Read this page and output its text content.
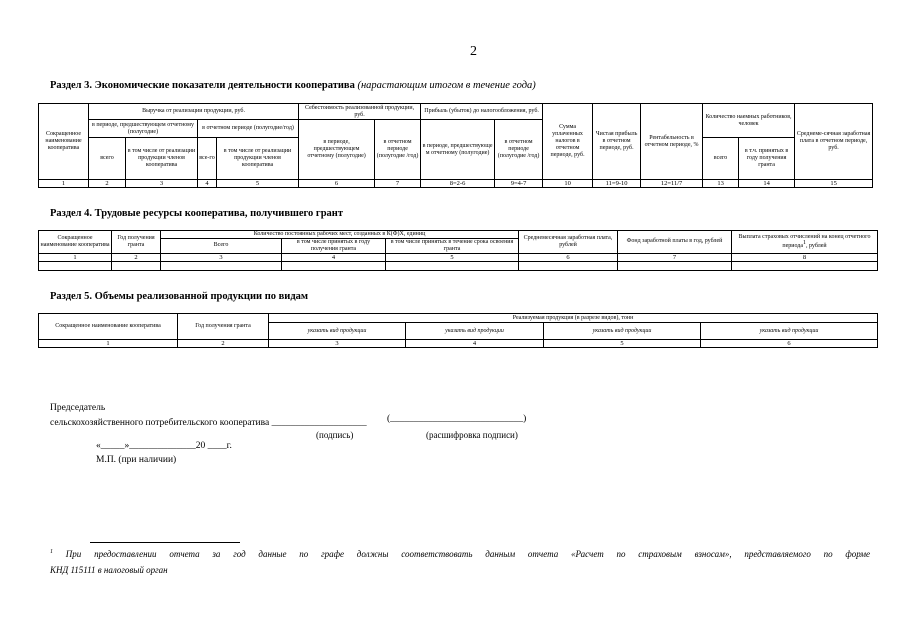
2
Раздел 3. Экономические показатели деятельности кооператива (нарастающим итогом в течение года)
Сокращенное наименование кооператива	Выручка от реализации продукции, руб.				Себестоимость реализованной продукции, руб.		Прибыль (убыток) до налогообложения, руб.		Сумма уплаченных налогов в отчетном периоде, руб.	Чистая прибыль в отчетном периоде, руб.	Рентабельность в отчетном периоде, %	Количество наемных работников, человек		Среднеме-сячная заработная плата в отчетном периоде, руб.
	в периоде, предшествующем отчетному (полугодие)		в отчетном периоде (полугодие/год)		в периоде, предшествующем отчетному (полугодие)	в отчетном периоде (полугодие /год)	в периоде, предшествующе м отчетному (полугодие)	в отчетном периоде (полугодие /год)						
	всего	в том числе от реализации продукции членов кооператива	все-го	в том числе от реализации продукции членов кооператива								всего	в т.ч. принятых в году получения гранта	
1	2	3	4	5	6	7	8=2-6	9=4-7	10	11=9-10	12=11/7	13	14	15
Раздел 4. Трудовые ресурсы кооператива, получившего грант
Сокращенное наименование кооператива	Год получения гранта	Количество постоянных рабочих мест, созданных в К(Ф)Х, единиц			Среднемесячная заработная плата, рублей	Фонд заработной платы в год, рублей	Выплата страховых отчислений на конец отчетного периода$^1$, рублей
		Всего	в том числе принятых в году получения гранта	в том числе принятых в течение срока освоения гранта			
1	2	3	4	5	6	7	8

Раздел 5. Объемы реализованной продукции по видам
Сокращенное наименование кооператива	Год получения гранта	Реализуемая продукция (в разрезе видов), тонн			
		указать вид продукции	указать вид продукции	указать вид продукции	указать вид продукции
1	2	3	4	5	6
Председатель
сельскохозяйственного потребительского кооператива ____________________ (____________________________)
(подпись)	(расшифровка подписи)
«_____»______________20 ____г.
М.П. (при наличии)
$^1$ При предоставлении отчета за год данные по графе должны соответствовать данным отчета «Расчет по страховым взносам», представляемого по форме
КНД 115111 в налоговый орган
